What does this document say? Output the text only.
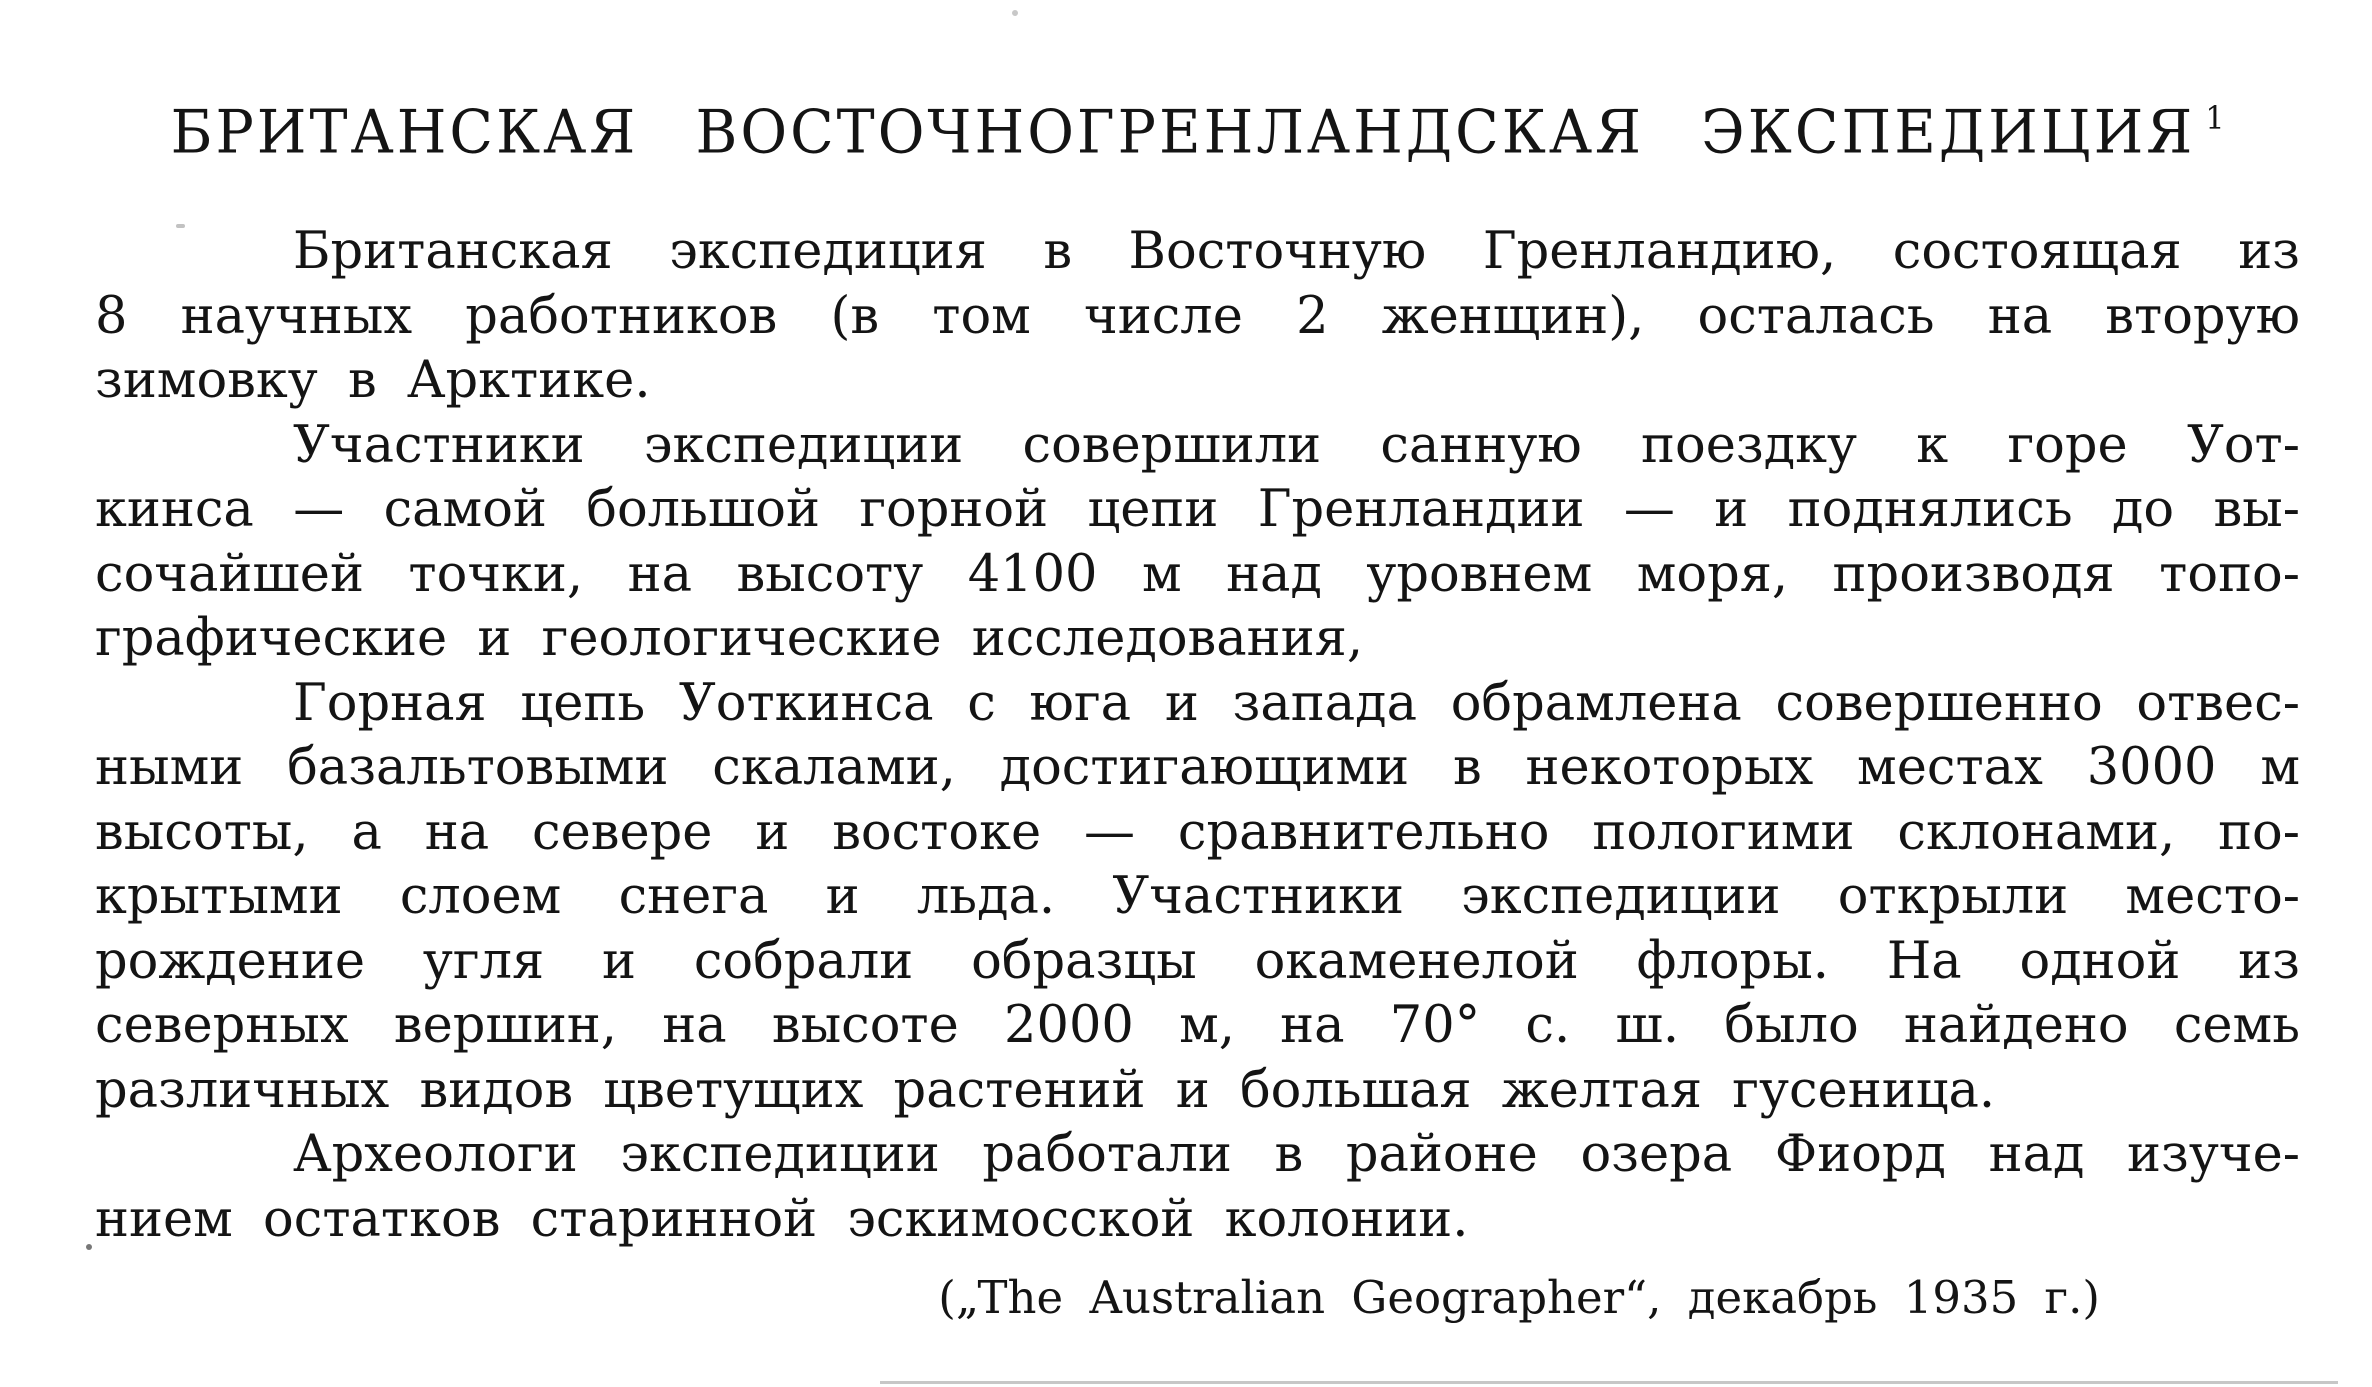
БРИТАНСКАЯ ВОСТОЧНОГРЕНЛАНДСКАЯ ЭКСПЕДИЦИЯ $^1$
Британская экспедиция в Восточную Гренландию, состоящая из
8 научных работников (в том числе 2 женщин), осталась на вторую
зимовку в Арктике.
Участники экспедиции совершили санную поездку к горе Уот-
кинса — самой большой горной цепи Гренландии — и поднялись до вы-
сочайшей точки, на высоту 4100 м над уровнем моря, производя топо-
графические и геологические исследования,
Горная цепь Уоткинса с юга и запада обрамлена совершенно отвес-
ными базальтовыми скалами, достигающими в некоторых местах 3000 м
высоты, а на севере и востоке — сравнительно пологими склонами, по-
крытыми слоем снега и льда. Участники экспедиции открыли место-
рождение угля и собрали образцы окаменелой флоры. На одной из
северных вершин, на высоте 2000 м, на 70° с. ш. было найдено семь
различных видов цветущих растений и большая желтая гусеница.
Археологи экспедиции работали в районе озера Фиорд над изуче-
нием остатков старинной эскимосской колонии.
(„The Australian Geographer“, декабрь 1935 г.)
